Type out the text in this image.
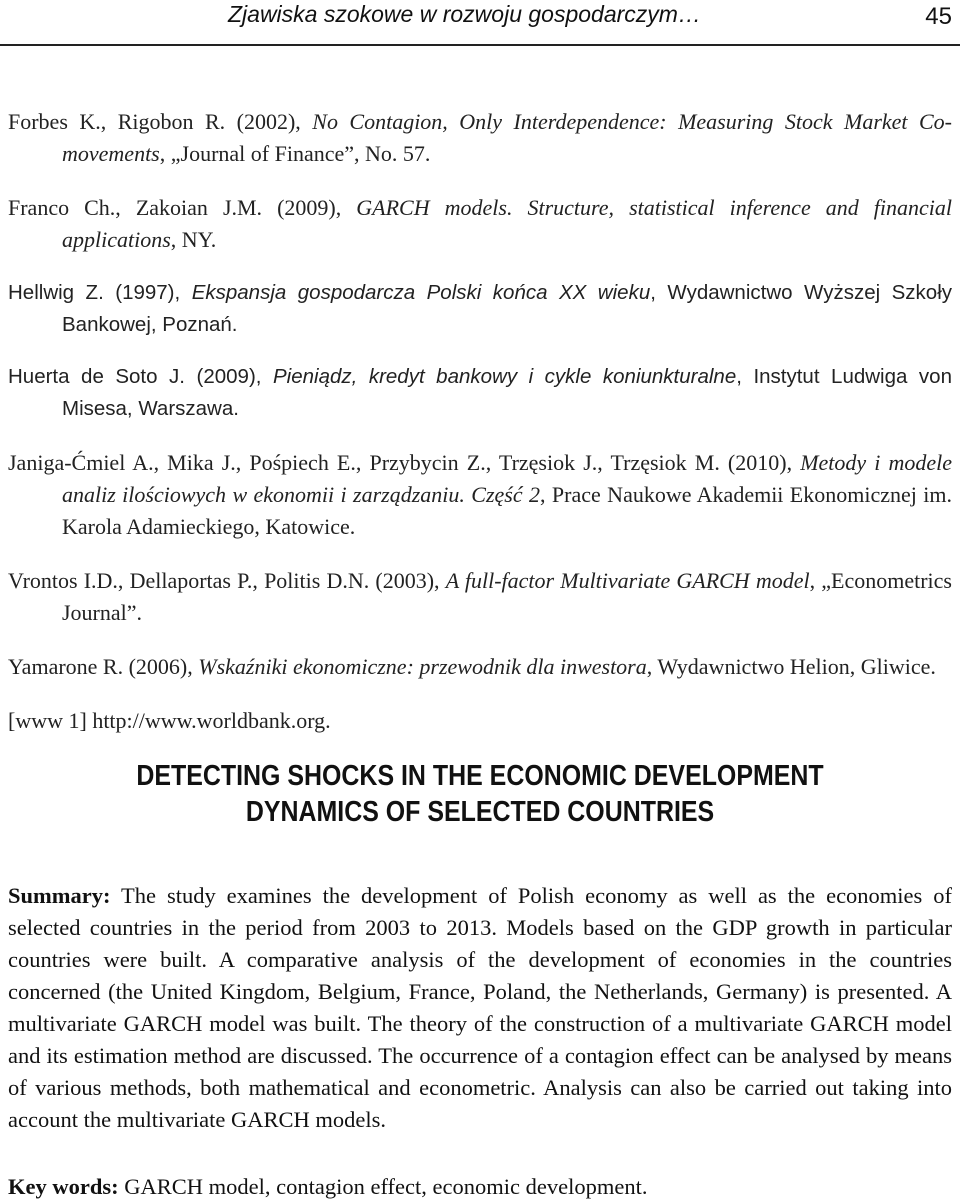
Zjawiska szokowe w rozwoju gospodarczym…	45

Forbes K., Rigobon R. (2002), No Contagion, Only Interdependence: Measuring Stock Market Co-movements, „Journal of Finance”, No. 57.

Franco Ch., Zakoian J.M. (2009), GARCH models. Structure, statistical inference and financial applications, NY.

Hellwig Z. (1997), Ekspansja gospodarcza Polski końca XX wieku, Wydawnictwo Wyższej Szkoły Bankowej, Poznań.

Huerta de Soto J. (2009), Pieniądz, kredyt bankowy i cykle koniunkturalne, Instytut Ludwiga von Misesa, Warszawa.

Janiga-Ćmiel A., Mika J., Pośpiech E., Przybycin Z., Trzęsiok J., Trzęsiok M. (2010), Metody i modele analiz ilościowych w ekonomii i zarządzaniu. Część 2, Prace Naukowe Akademii Ekonomicznej im. Karola Adamieckiego, Katowice.

Vrontos I.D., Dellaportas P., Politis D.N. (2003), A full-factor Multivariate GARCH model, „Econometrics Journal”.

Yamarone R. (2006), Wskaźniki ekonomiczne: przewodnik dla inwestora, Wydawnictwo Helion, Gliwice.

[www 1] http://www.worldbank.org.

DETECTING SHOCKS IN THE ECONOMIC DEVELOPMENT
DYNAMICS OF SELECTED COUNTRIES

Summary: The study examines the development of Polish economy as well as the economies of selected countries in the period from 2003 to 2013. Models based on the GDP growth in particular countries were built. A comparative analysis of the development of economies in the countries concerned (the United Kingdom, Belgium, France, Poland, the Netherlands, Germany) is presented. A multivariate GARCH model was built. The theory of the construction of a multivariate GARCH model and its estimation method are discussed. The occurrence of a contagion effect can be analysed by means of various methods, both mathematical and econometric. Analysis can also be carried out taking into account the multivariate GARCH models.

Key words: GARCH model, contagion effect, economic development.
